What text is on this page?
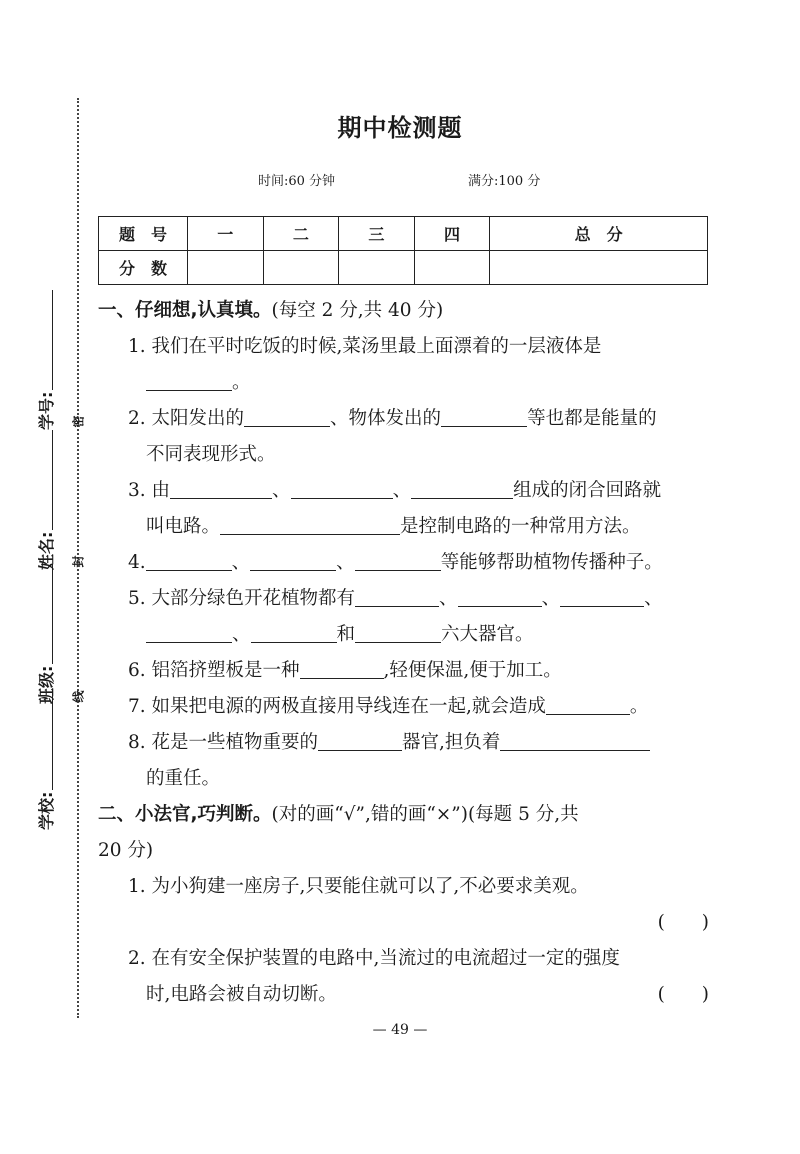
学校:
班级:
姓名:
学号:
线
封
密
期中检测题
时间:60 分钟	满分:100 分
题　号	一	二	三	四	总　分
分　数					
一、仔细想,认真填。(每空 2 分,共 40 分)
1. 我们在平时吃饭的时候,菜汤里最上面漂着的一层液体是
。
2. 太阳发出的	、物体发出的	等也都是能量的
不同表现形式。
3. 由	、	、	组成的闭合回路就
叫电路。	是控制电路的一种常用方法。
4.	、	、	等能够帮助植物传播种子。
5. 大部分绿色开花植物都有	、	、	、
、	和	六大器官。
6. 铝箔挤塑板是一种	,轻便保温,便于加工。
7. 如果把电源的两极直接用导线连在一起,就会造成	。
8. 花是一些植物重要的	器官,担负着
的重任。
二、小法官,巧判断。(对的画“√”,错的画“×”)(每题 5 分,共
20 分)
1. 为小狗建一座房子,只要能住就可以了,不必要求美观。
(　　)
2. 在有安全保护装置的电路中,当流过的电流超过一定的强度
时,电路会被自动切断。	(　　)
— 49 —
